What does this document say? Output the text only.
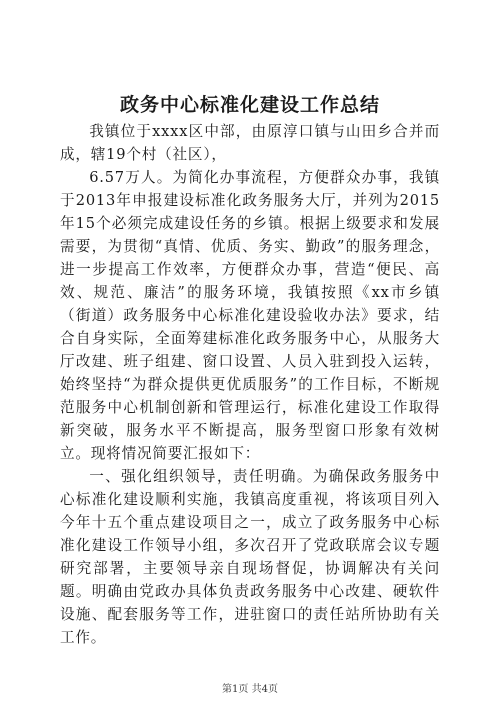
政务中心标准化建设工作总结

我镇位于xxxx区中部，由原淳口镇与山田乡合并而成，辖19个村（社区），

6.57万人。为简化办事流程，方便群众办事，我镇于2013年申报建设标准化政务服务大厅，并列为2015年15个必须完成建设任务的乡镇。根据上级要求和发展需要，为贯彻“真情、优质、务实、勤政”的服务理念，进一步提高工作效率，方便群众办事，营造“便民、高效、规范、廉洁”的服务环境，我镇按照《xx市乡镇（街道）政务服务中心标准化建设验收办法》要求，结合自身实际，全面筹建标准化政务服务中心，从服务大厅改建、班子组建、窗口设置、人员入驻到投入运转，始终坚持“为群众提供更优质服务”的工作目标，不断规范服务中心机制创新和管理运行，标准化建设工作取得新突破，服务水平不断提高，服务型窗口形象有效树立。现将情况简要汇报如下：

一、强化组织领导，责任明确。为确保政务服务中心标准化建设顺利实施，我镇高度重视，将该项目列入今年十五个重点建设项目之一，成立了政务服务中心标准化建设工作领导小组，多次召开了党政联席会议专题研究部署，主要领导亲自现场督促，协调解决有关问题。明确由党政办具体负责政务服务中心改建、硬软件设施、配套服务等工作，进驻窗口的责任站所协助有关工作。

第1页 共4页
